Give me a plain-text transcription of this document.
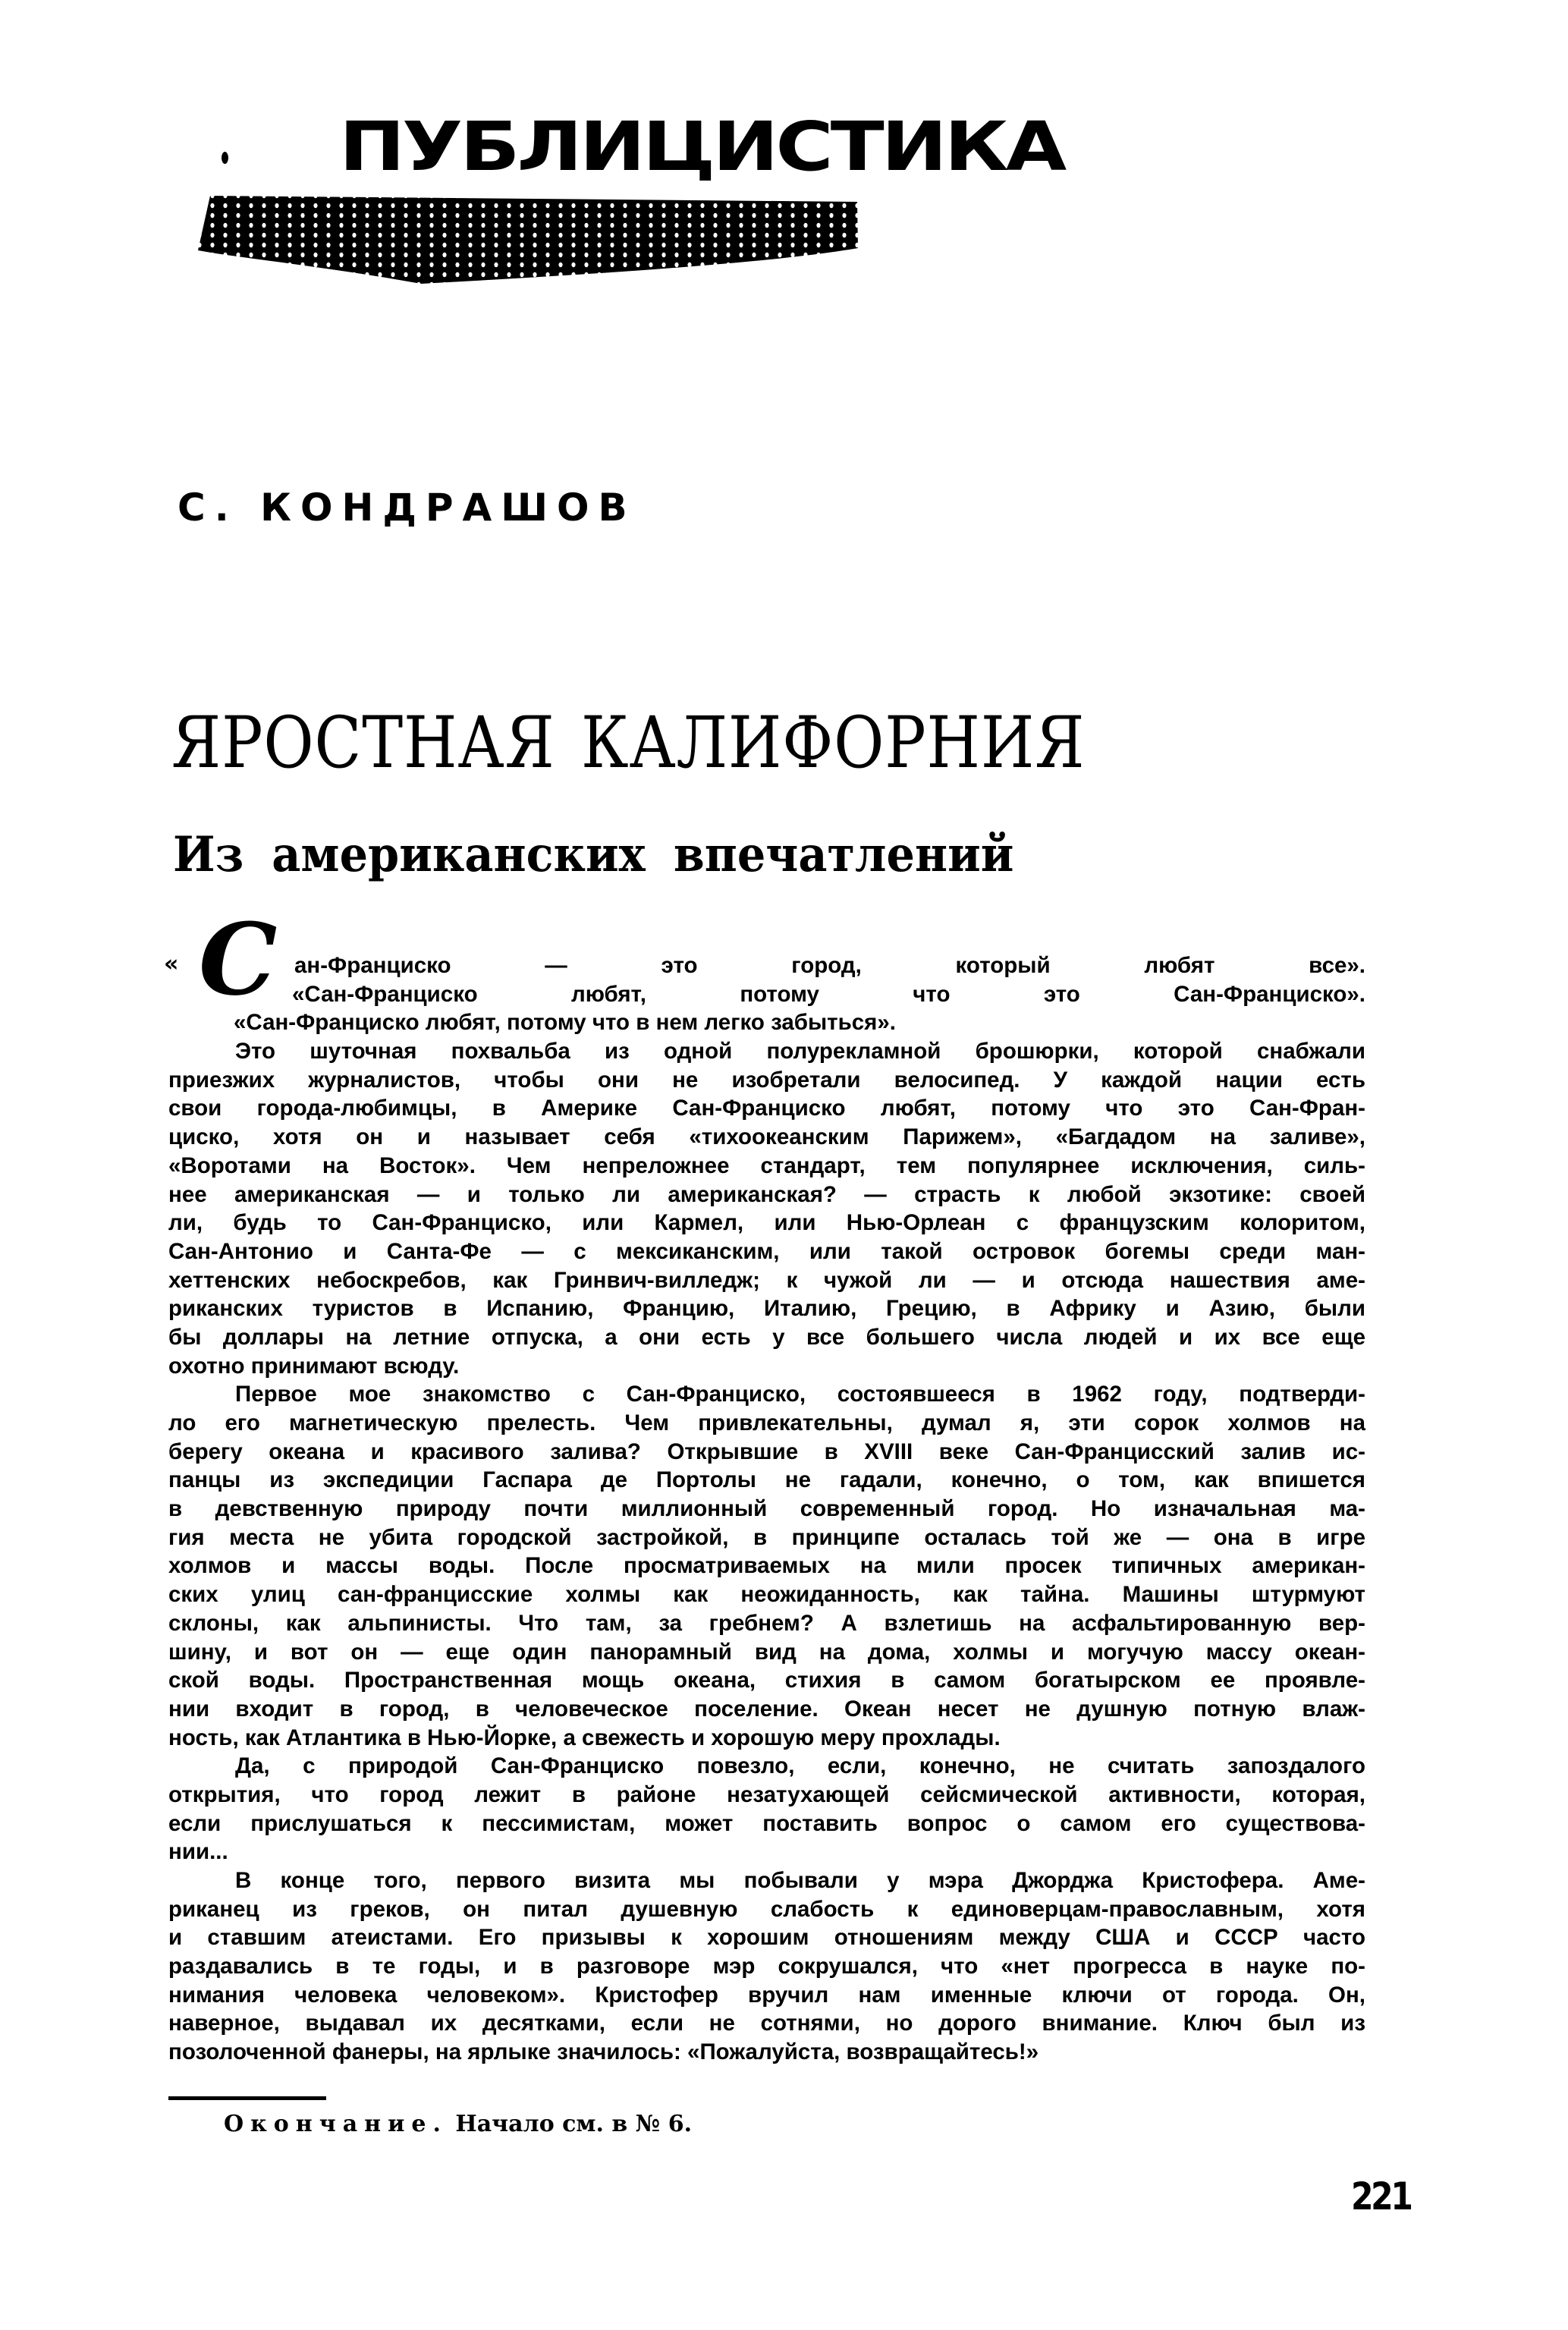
ПУБЛИЦИСТИКА
С. КОНДРАШОВ
ЯРОСТНАЯ КАЛИФОРНИЯ
Из американских впечатлений
« С ан-Франциско — это город, который любят все».
«Сан-Франциско любят, потому что это Сан-Франциско».
«Сан-Франциско любят, потому что в нем легко забыться».
Это шуточная похвальба из одной полурекламной брошюрки, которой снабжали
приезжих журналистов, чтобы они не изобретали велосипед. У каждой нации есть
свои города-любимцы, в Америке Сан-Франциско любят, потому что это Сан-Фран-
циско, хотя он и называет себя «тихоокеанским Парижем», «Багдадом на заливе»,
«Воротами на Восток». Чем непреложнее стандарт, тем популярнее исключения, силь-
нее американская — и только ли американская? — страсть к любой экзотике: своей
ли, будь то Сан-Франциско, или Кармел, или Нью-Орлеан с французским колоритом,
Сан-Антонио и Санта-Фе — с мексиканским, или такой островок богемы среди ман-
хеттенских небоскребов, как Гринвич-вилледж; к чужой ли — и отсюда нашествия аме-
риканских туристов в Испанию, Францию, Италию, Грецию, в Африку и Азию, были
бы доллары на летние отпуска, а они есть у все большего числа людей и их все еще
охотно принимают всюду.
Первое мое знакомство с Сан-Франциско, состоявшееся в 1962 году, подтверди-
ло его магнетическую прелесть. Чем привлекательны, думал я, эти сорок холмов на
берегу океана и красивого залива? Открывшие в XVIII веке Сан-Францисский залив ис-
панцы из экспедиции Гаспара де Портолы не гадали, конечно, о том, как впишется
в девственную природу почти миллионный современный город. Но изначальная ма-
гия места не убита городской застройкой, в принципе осталась той же — она в игре
холмов и массы воды. После просматриваемых на мили просек типичных американ-
ских улиц сан-францисские холмы как неожиданность, как тайна. Машины штурмуют
склоны, как альпинисты. Что там, за гребнем? А взлетишь на асфальтированную вер-
шину, и вот он — еще один панорамный вид на дома, холмы и могучую массу океан-
ской воды. Пространственная мощь океана, стихия в самом богатырском ее проявле-
нии входит в город, в человеческое поселение. Океан несет не душную потную влаж-
ность, как Атлантика в Нью-Йорке, а свежесть и хорошую меру прохлады.
Да, с природой Сан-Франциско повезло, если, конечно, не считать запоздалого
открытия, что город лежит в районе незатухающей сейсмической активности, которая,
если прислушаться к пессимистам, может поставить вопрос о самом его существова-
нии...
В конце того, первого визита мы побывали у мэра Джорджа Кристофера. Аме-
риканец из греков, он питал душевную слабость к единоверцам-православным, хотя
и ставшим атеистами. Его призывы к хорошим отношениям между США и СССР часто
раздавались в те годы, и в разговоре мэр сокрушался, что «нет прогресса в науке по-
нимания человека человеком». Кристофер вручил нам именные ключи от города. Он,
наверное, выдавал их десятками, если не сотнями, но дорого внимание. Ключ был из
позолоченной фанеры, на ярлыке значилось: «Пожалуйста, возвращайтесь!»
Окончание. Начало см. в № 6.
221
